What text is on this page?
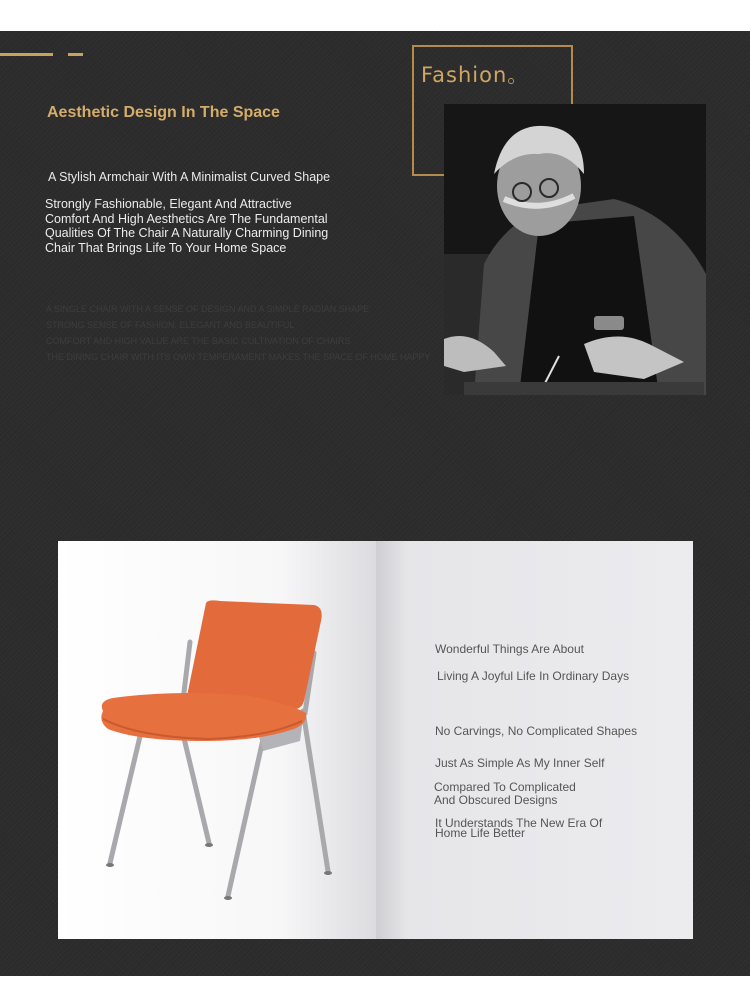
Fashion。
Aesthetic Design In The Space
A Stylish Armchair With A Minimalist Curved Shape
Strongly Fashionable, Elegant And Attractive
Comfort And High Aesthetics Are The Fundamental
Qualities Of The Chair A Naturally Charming Dining
Chair That Brings Life To Your Home Space
A SINGLE CHAIR WITH A SENSE OF DESIGN AND A SIMPLE RADIAN SHAPE
STRONG SENSE OF FASHION, ELEGANT AND BEAUTIFUL
COMFORT AND HIGH VALUE ARE THE BASIC CULTIVATION OF CHAIRS
THE DINING CHAIR WITH ITS OWN TEMPERAMENT MAKES THE SPACE OF HOME HAPPY
Wonderful Things Are About
Living A Joyful Life In Ordinary Days
No Carvings, No Complicated Shapes
Just As Simple As My Inner Self
Compared To Complicated
And Obscured Designs
It Understands The New Era Of
Home Life Better
